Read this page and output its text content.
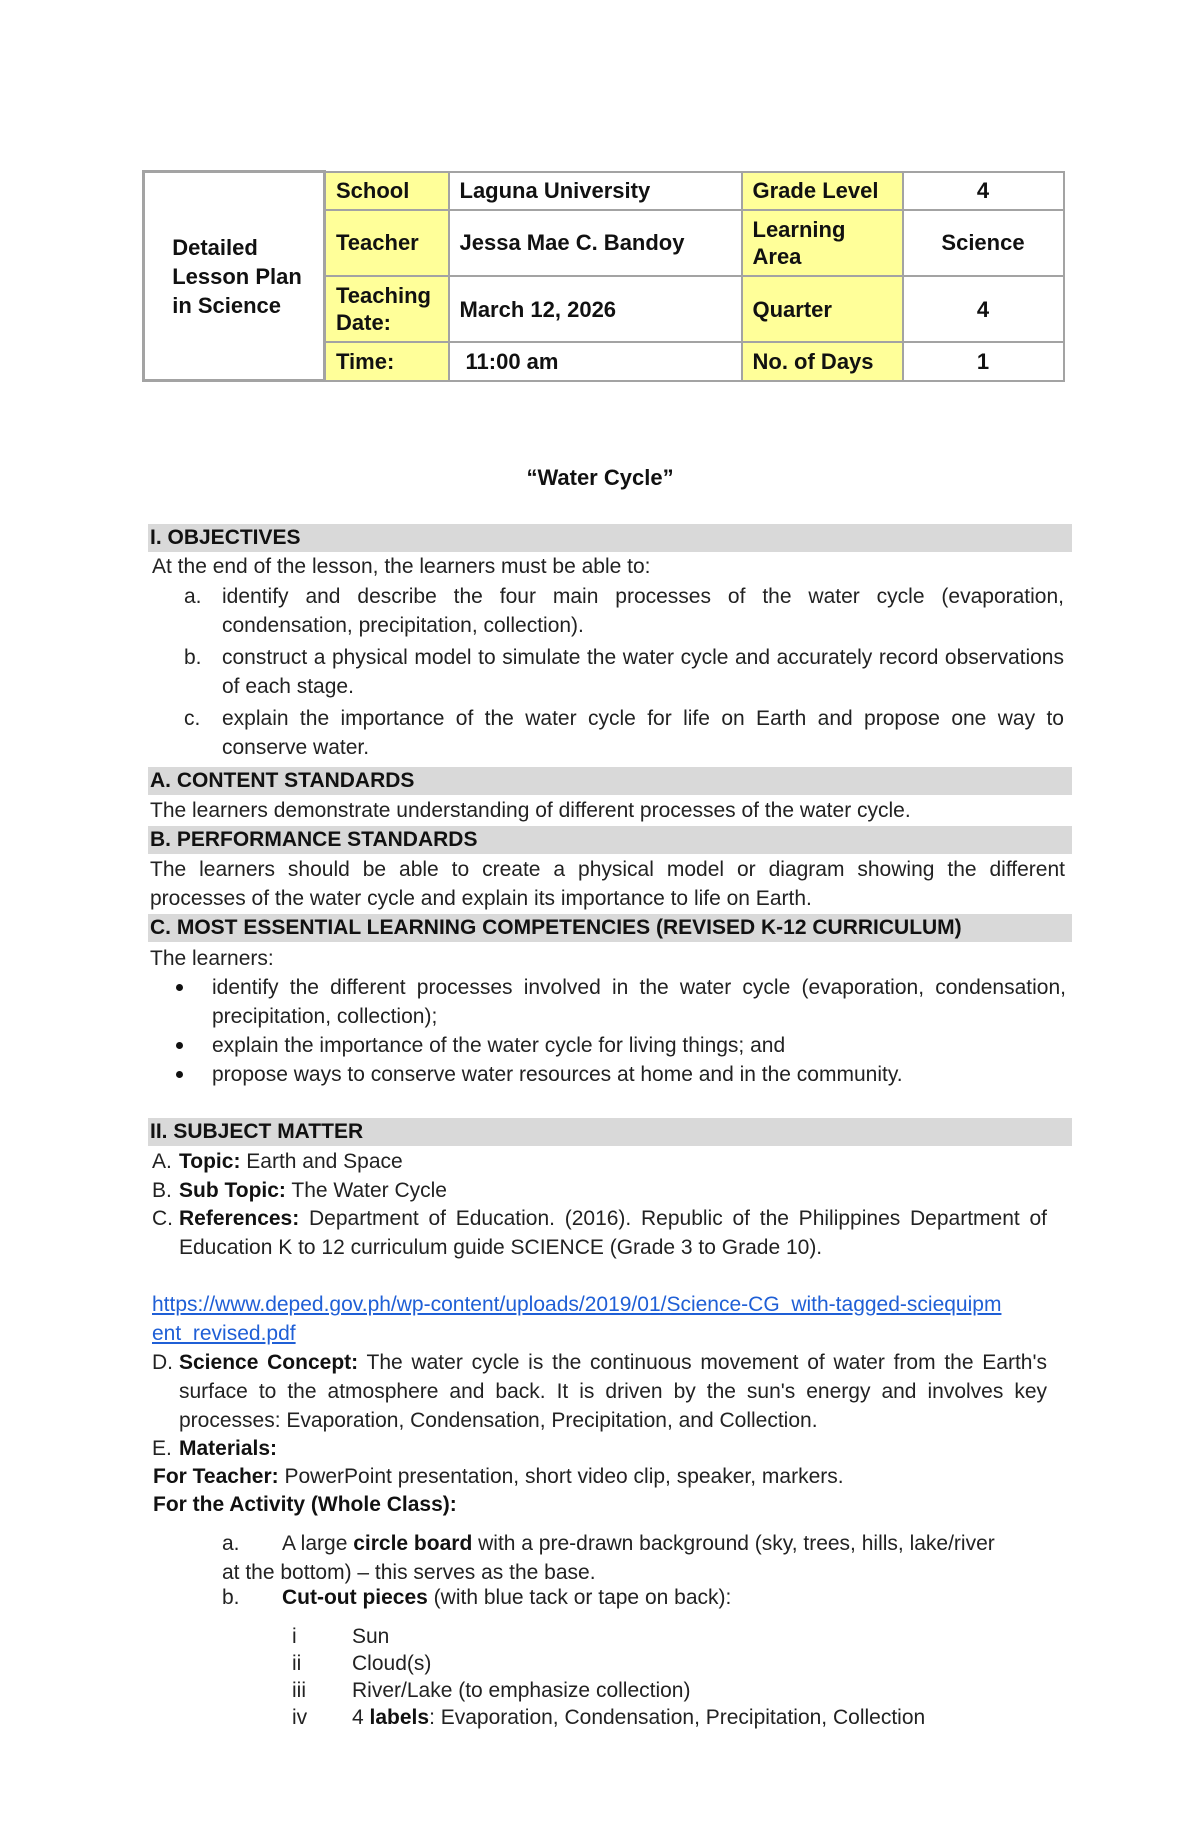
Detailed
Lesson Plan
in Science	School	Laguna University	Grade Level	4
	Teacher	Jessa Mae C. Bandoy	Learning Area	Science
	Teaching Date:	March 12, 2026	Quarter	4
	Time:	11:00 am	No. of Days	1
“Water Cycle”
I. OBJECTIVES
At the end of the lesson, the learners must be able to:
a. identify and describe the four main processes of the water cycle (evaporation, condensation, precipitation, collection).
b. construct a physical model to simulate the water cycle and accurately record observations of each stage.
c. explain the importance of the water cycle for life on Earth and propose one way to conserve water.
A. CONTENT STANDARDS
The learners demonstrate understanding of different processes of the water cycle.
B. PERFORMANCE STANDARDS
The learners should be able to create a physical model or diagram showing the different processes of the water cycle and explain its importance to life on Earth.
C. MOST ESSENTIAL LEARNING COMPETENCIES (REVISED K-12 CURRICULUM)
The learners:
identify the different processes involved in the water cycle (evaporation, condensation, precipitation, collection);
explain the importance of the water cycle for living things; and
propose ways to conserve water resources at home and in the community.
II. SUBJECT MATTER
A. Topic: Earth and Space
B. Sub Topic: The Water Cycle
C. References: Department of Education. (2016). Republic of the Philippines Department of Education K to 12 curriculum guide SCIENCE (Grade 3 to Grade 10).
https://www.deped.gov.ph/wp-content/uploads/2019/01/Science-CG_with-tagged-sciequipment_revised.pdf
D. Science Concept: The water cycle is the continuous movement of water from the Earth's surface to the atmosphere and back. It is driven by the sun's energy and involves key processes: Evaporation, Condensation, Precipitation, and Collection.
E. Materials:
For Teacher: PowerPoint presentation, short video clip, speaker, markers.
For the Activity (Whole Class):
a.	A large circle board with a pre-drawn background (sky, trees, hills, lake/river at the bottom) – this serves as the base.
b. Cut-out pieces (with blue tack or tape on back):
i	Sun
ii Cloud(s)
iii River/Lake (to emphasize collection)
iv 4 labels: Evaporation, Condensation, Precipitation, Collection
